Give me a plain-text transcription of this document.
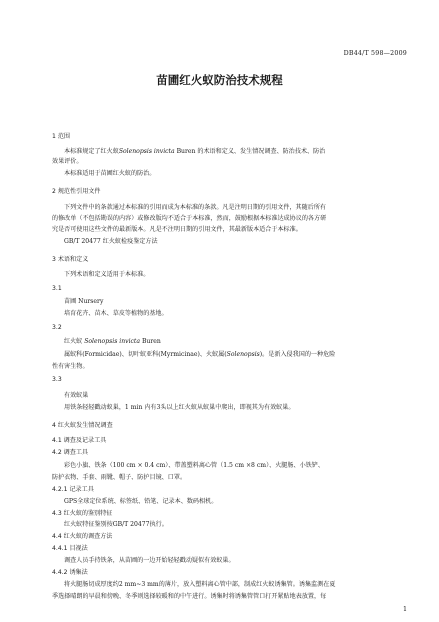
DB44/T 598—2009
苗圃红火蚁防治技术规程
1 范围
本标准规定了红火蚁Solenopsis invicta Buren 的术语和定义、发生情况调查、防治技术、防治
效果评价。
本标准适用于苗圃红火蚁的防治。
2 规范性引用文件
下列文件中的条款通过本标准的引用而成为本标准的条款。凡是注明日期的引用文件，其随后所有
的修改单（不包括勘误的内容）或修改版均不适合于本标准，然而，鼓励根据本标准达成协议的各方研
究是否可使用这些文件的最新版本。凡是不注明日期的引用文件，其最新版本适合于本标准。
GB/T 20477 红火蚁检疫鉴定方法
3 术语和定义
下列术语和定义适用于本标准。
3.1
苗圃 Nursery
培育花卉、苗木、草皮等植物的基地。
3.2
红火蚁 Solenopsis invicta Buren
属蚁科(Formicidae)、切叶蚁亚科(Myrmicinae)、火蚁属(Solenopsis)。是新入侵我国的一种危险
性有害生物。
3.3
有效蚁巢
用铁条轻轻戳动蚁巢，1 min 内有3头以上红火蚁从蚁巢中爬出，即视其为有效蚁巢。
4 红火蚁发生情况调查
4.1 调查及记录工具
4.2 调查工具
彩色小旗、铁条（100 cm × 0.4 cm）、带盖塑料离心管（1.5 cm ×8 cm）、火腿肠、小铁铲、
防护衣物、手套、雨靴、帽子、防护目镜、口罩。
4.2.1 记录工具
GPS全球定位系统、标签纸、铅笔、记录本、数码相机。
4.3 红火蚁的鉴别特征
红火蚁特征鉴别按GB/T 20477执行。
4.4 红火蚁的调查方法
4.4.1 目视法
调查人员手持铁条，从苗圃的一边开始轻轻戳动疑似有效蚁巢。
4.4.2 诱集法
将火腿肠切成厚度约2 mm~3 mm的薄片，放入塑料离心管中部，制成红火蚁诱集管。诱集监测在夏
季选择晴朗的早晨和傍晚、冬季则选择较暖和的中午进行。诱集时将诱集管管口打开紧贴地表放置，每
1
